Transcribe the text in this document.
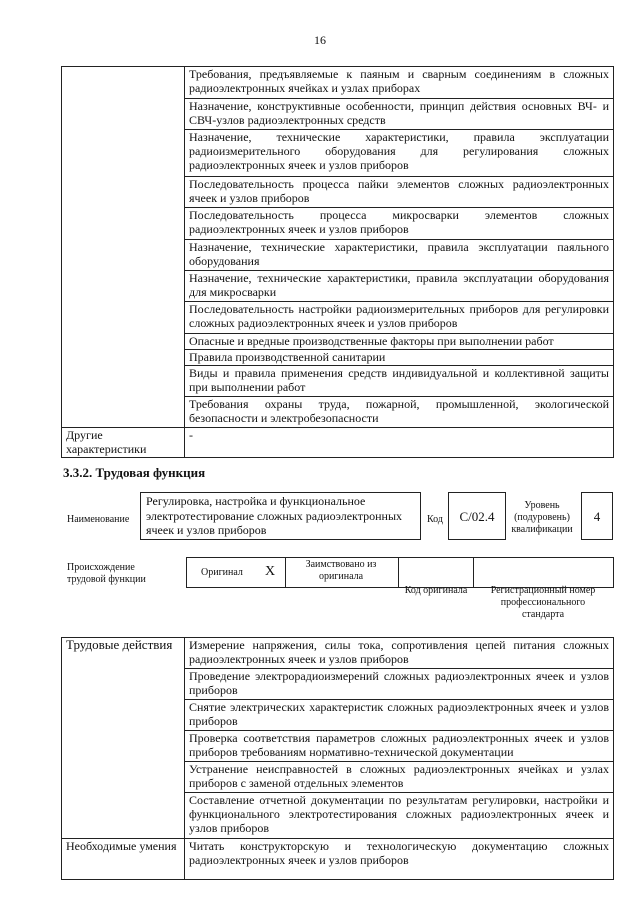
16
	Требования, предъявляемые к паяным и сварным соединениям в сложных радиоэлектронных ячейках и узлах приборах
	Назначение, конструктивные особенности, принцип действия основных ВЧ- и СВЧ-узлов радиоэлектронных средств
	Назначение, технические характеристики, правила эксплуатации радиоизмерительного оборудования для регулирования сложных радиоэлектронных ячеек и узлов приборов
	Последовательность процесса пайки элементов сложных радиоэлектронных ячеек и узлов приборов
	Последовательность процесса микросварки элементов сложных радиоэлектронных ячеек и узлов приборов
	Назначение, технические характеристики, правила эксплуатации паяльного оборудования
	Назначение, технические характеристики, правила эксплуатации оборудования для микросварки
	Последовательность настройки радиоизмерительных приборов для регулировки сложных радиоэлектронных ячеек и узлов приборов
	Опасные и вредные производственные факторы при выполнении работ
	Правила производственной санитарии
	Виды и правила применения средств индивидуальной и коллективной защиты при выполнении работ
	Требования охраны труда, пожарной, промышленной, экологической безопасности и электробезопасности
Другие характеристики	-
3.3.2. Трудовая функция
Наименование
Регулировка, настройка и функциональное электротестирование сложных радиоэлектронных ячеек и узлов приборов
Код	C/02.4
Уровень (подуровень) квалификации
4
Происхождение трудовой функции
Оригинал X	Заимствовано из оригинала
Код оригинала	Регистрационный номер профессионального стандарта
Трудовые действия	Измерение напряжения, силы тока, сопротивления цепей питания сложных радиоэлектронных ячеек и узлов приборов
	Проведение электрорадиоизмерений сложных радиоэлектронных ячеек и узлов приборов
	Снятие электрических характеристик сложных радиоэлектронных ячеек и узлов приборов
	Проверка соответствия параметров сложных радиоэлектронных ячеек и узлов приборов требованиям нормативно-технической документации
	Устранение неисправностей в сложных радиоэлектронных ячейках и узлах приборов с заменой отдельных элементов
	Составление отчетной документации по результатам регулировки, настройки и функционального электротестирования сложных радиоэлектронных ячеек и узлов приборов
Необходимые умения	Читать конструкторскую и технологическую документацию сложных радиоэлектронных ячеек и узлов приборов
